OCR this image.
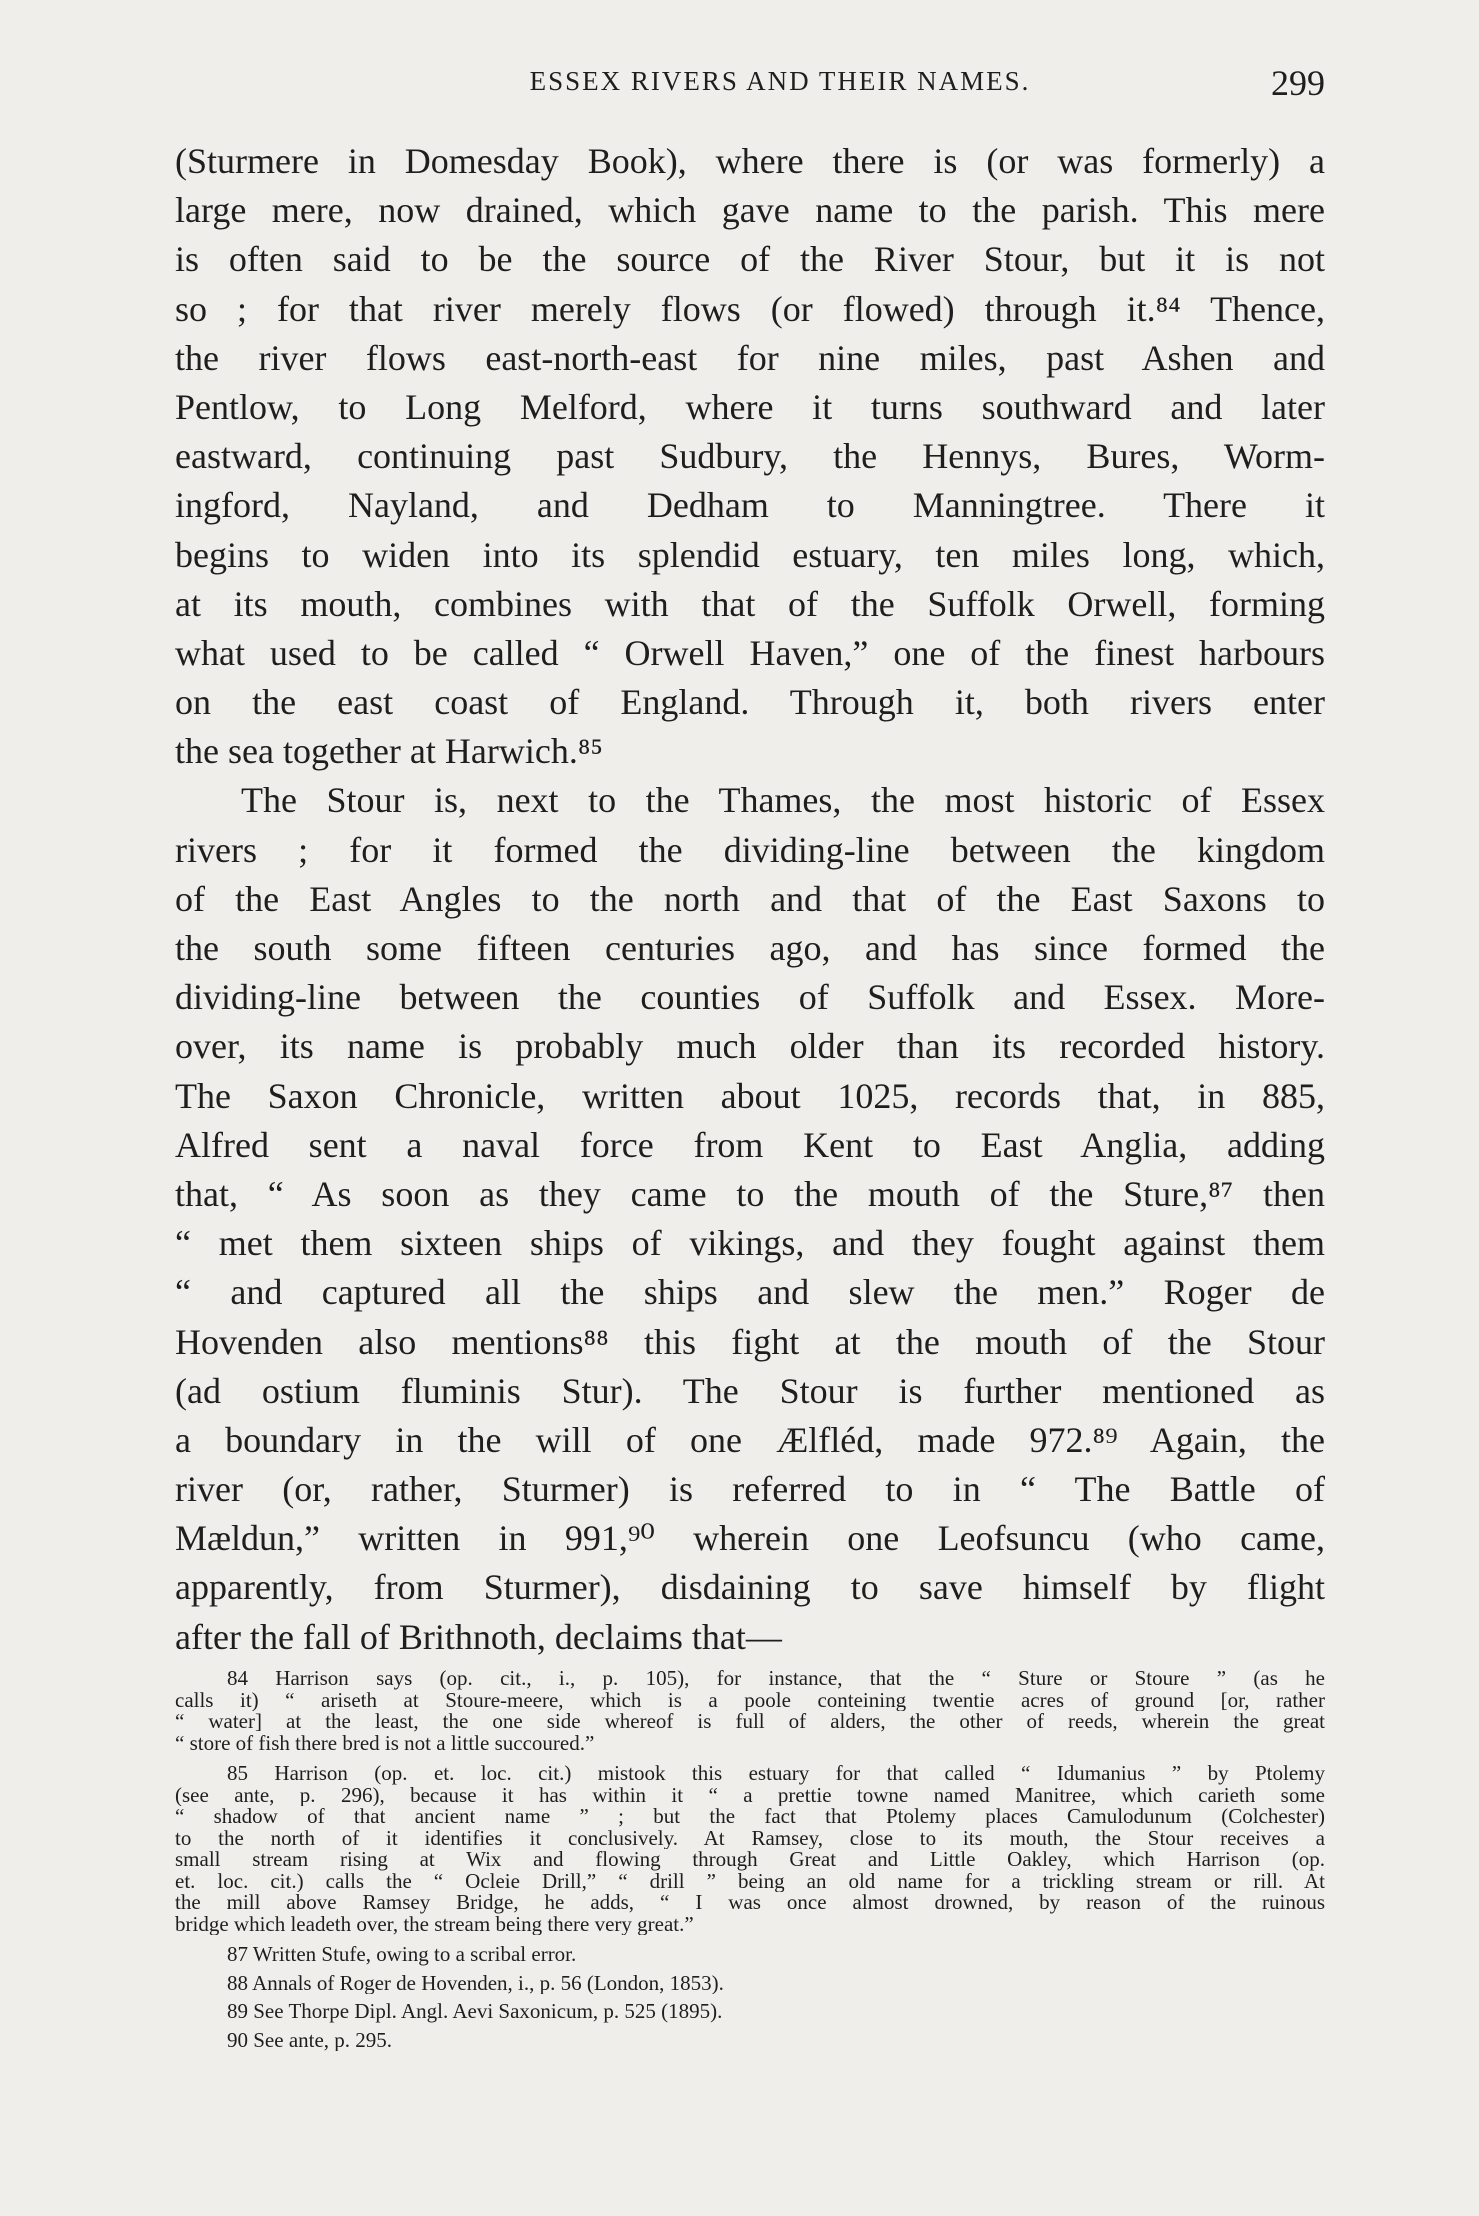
ESSEX RIVERS AND THEIR NAMES.	299
(Sturmere in Domesday Book), where there is (or was formerly) a
large mere, now drained, which gave name to the parish. This mere
is often said to be the source of the River Stour, but it is not
so ; for that river merely flows (or flowed) through it.⁸⁴ Thence,
the river flows east-north-east for nine miles, past Ashen and
Pentlow, to Long Melford, where it turns southward and later
eastward, continuing past Sudbury, the Hennys, Bures, Worm-
ingford, Nayland, and Dedham to Manningtree. There it
begins to widen into its splendid estuary, ten miles long, which,
at its mouth, combines with that of the Suffolk Orwell, forming
what used to be called “ Orwell Haven,” one of the finest harbours
on the east coast of England. Through it, both rivers enter
the sea together at Harwich.⁸⁵
The Stour is, next to the Thames, the most historic of Essex
rivers ; for it formed the dividing-line between the kingdom
of the East Angles to the north and that of the East Saxons to
the south some fifteen centuries ago, and has since formed the
dividing-line between the counties of Suffolk and Essex. More-
over, its name is probably much older than its recorded history.
The Saxon Chronicle, written about 1025, records that, in 885,
Alfred sent a naval force from Kent to East Anglia, adding
that, “ As soon as they came to the mouth of the Sture,⁸⁷ then
“ met them sixteen ships of vikings, and they fought against them
“ and captured all the ships and slew the men.” Roger de
Hovenden also mentions⁸⁸ this fight at the mouth of the Stour
(ad ostium fluminis Stur). The Stour is further mentioned as
a boundary in the will of one Ælfléd, made 972.⁸⁹ Again, the
river (or, rather, Sturmer) is referred to in “ The Battle of
Mældun,” written in 991,⁹⁰ wherein one Leofsuncu (who came,
apparently, from Sturmer), disdaining to save himself by flight
after the fall of Brithnoth, declaims that—
84 Harrison says (op. cit., i., p. 105), for instance, that the “ Sture or Stoure ” (as he
calls it) “ ariseth at Stoure-meere, which is a poole conteining twentie acres of ground [or, rather
“ water] at the least, the one side whereof is full of alders, the other of reeds, wherein the great
“ store of fish there bred is not a little succoured.”
85 Harrison (op. et. loc. cit.) mistook this estuary for that called “ Idumanius ” by Ptolemy
(see ante, p. 296), because it has within it “ a prettie towne named Manitree, which carieth some
“ shadow of that ancient name ” ; but the fact that Ptolemy places Camulodunum (Colchester)
to the north of it identifies it conclusively. At Ramsey, close to its mouth, the Stour receives a
small stream rising at Wix and flowing through Great and Little Oakley, which Harrison (op.
et. loc. cit.) calls the “ Ocleie Drill,” “ drill ” being an old name for a trickling stream or rill. At
the mill above Ramsey Bridge, he adds, “ I was once almost drowned, by reason of the ruinous
bridge which leadeth over, the stream being there very great.”
87 Written Stufe, owing to a scribal error.
88 Annals of Roger de Hovenden, i., p. 56 (London, 1853).
89 See Thorpe Dipl. Angl. Aevi Saxonicum, p. 525 (1895).
90 See ante, p. 295.
